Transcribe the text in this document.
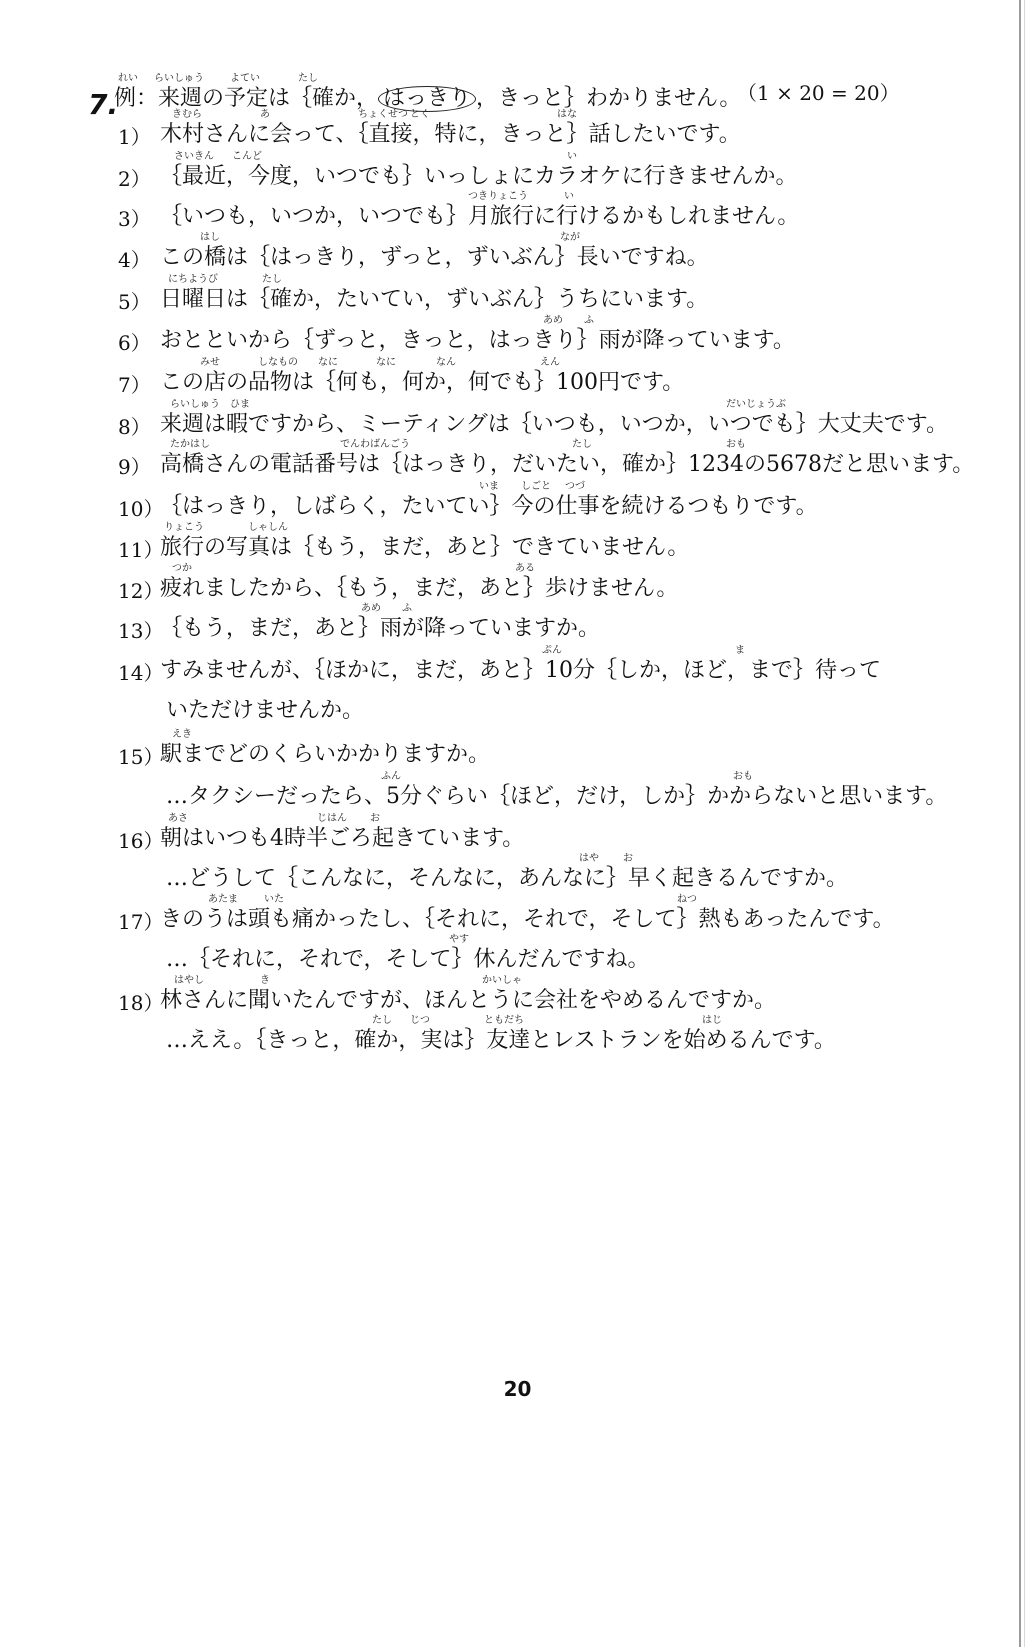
7.
れい らいしゅう	よてい	たし
例：来週の予定は｛確か， はっきり ，きっと｝わかりません。
（1 × 20 = 20）
きむら	あ	ちょくせつ とく	はな
1） 木村さんに会って、｛直接，特に，きっと｝話したいです。
さいきん こんど	い
2） ｛最近，今度，いつでも｝いっしょにカラオケに行きませんか。
つきりょこう	い
3） ｛いつも，いつか，いつでも｝月旅行に行けるかもしれません。
はし	なが
4） この橋は｛はっきり，ずっと，ずいぶん｝長いですね。
にちようび	たし
5） 日曜日は｛確か，たいてい，ずいぶん｝うちにいます。
あめ ふ
6） おとといから｛ずっと，きっと，はっきり｝雨が降っています。
みせ	しなもの なに	なに	なん	えん
7） この店の品物は｛何も，何か，何でも｝100円です。
らいしゅう ひま	だいじょうぶ
8） 来週は暇ですから、ミーティングは｛いつも，いつか，いつでも｝大丈夫です。
たかはし	でんわばんごう	たし	おも
9） 高橋さんの電話番号は｛はっきり，だいたい，確か｝1234の5678だと思います。
いま しごと つづ
10）
｛はっきり，しばらく，たいてい｝今の仕事を続けるつもりです。
りょこう	しゃしん
11）
旅行の写真は｛もう，まだ，あと｝できていません。
つか	ある
12）
疲れましたから、｛もう，まだ，あと｝歩けません。
あめ ふ
13）
｛もう，まだ，あと｝雨が降っていますか。
ぷん	ま
14）
すみませんが、｛ほかに，まだ，あと｝10分｛しか，ほど，まで｝待って
いただけませんか。
えき
15）
駅までどのくらいかかりますか。
ふん	おも
…タクシーだったら、5分ぐらい｛ほど，だけ，しか｝かからないと思います。
あさ	じはん お
16）
朝はいつも4時半ごろ起きています。
はや お
…どうして｛こんなに，そんなに，あんなに｝早く起きるんですか。
あたま	いた	ねつ
17）
きのうは頭も痛かったし、｛それに，それで，そして｝熱もあったんです。
やす
…｛それに，それで，そして｝休んだんですね。
はやし	き	かいしゃ
18）
林さんに聞いたんですが、ほんとうに会社をやめるんですか。
たし じつ	ともだち	はじ
…ええ。｛きっと，確か，実は｝友達とレストランを始めるんです。
20
